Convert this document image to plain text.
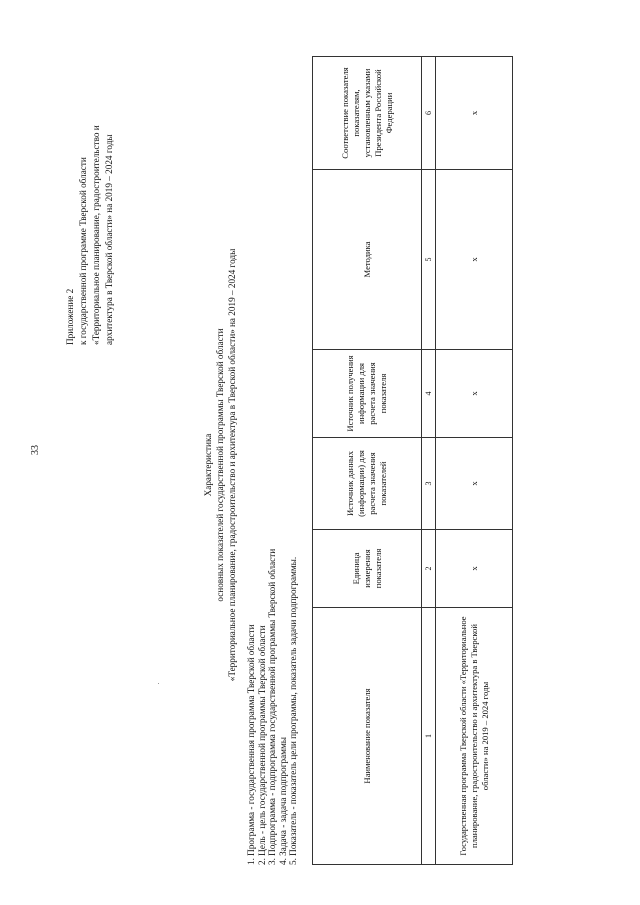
33
Приложение 2 к государственной программе Тверской области «Территориальное планирование, градостроительство и архитектура в Тверской области» на 2019 – 2024 годы
Характеристика основных показателей государственной программы Тверской области «Территориальное планирование, градостроительство и архитектура в Тверской области» на 2019 – 2024 годы
1. Программа - государственная программа Тверской области 2. Цель - цель государственной программы Тверской области 3. Подпрограмма - подпрограмма государственной программы Тверской области 4. Задача - задача подпрограммы 5. Показатель - показатель цели программы, показатель задачи подпрограммы.	Наименование показателя	Единица измерения показателя	Источник данных (информации) для расчета значения показателей	Источник получения информации для расчета значения показателя	Методика	Соответствие показателя показателям, установленным указами Президента Российской Федерации
1	2	3	4	5	6
Государственная программа Тверской области «Территориальное планирование, градостроительство и архитектура в Тверской области» на 2019 – 2024 годы	х	х	х	х	х
